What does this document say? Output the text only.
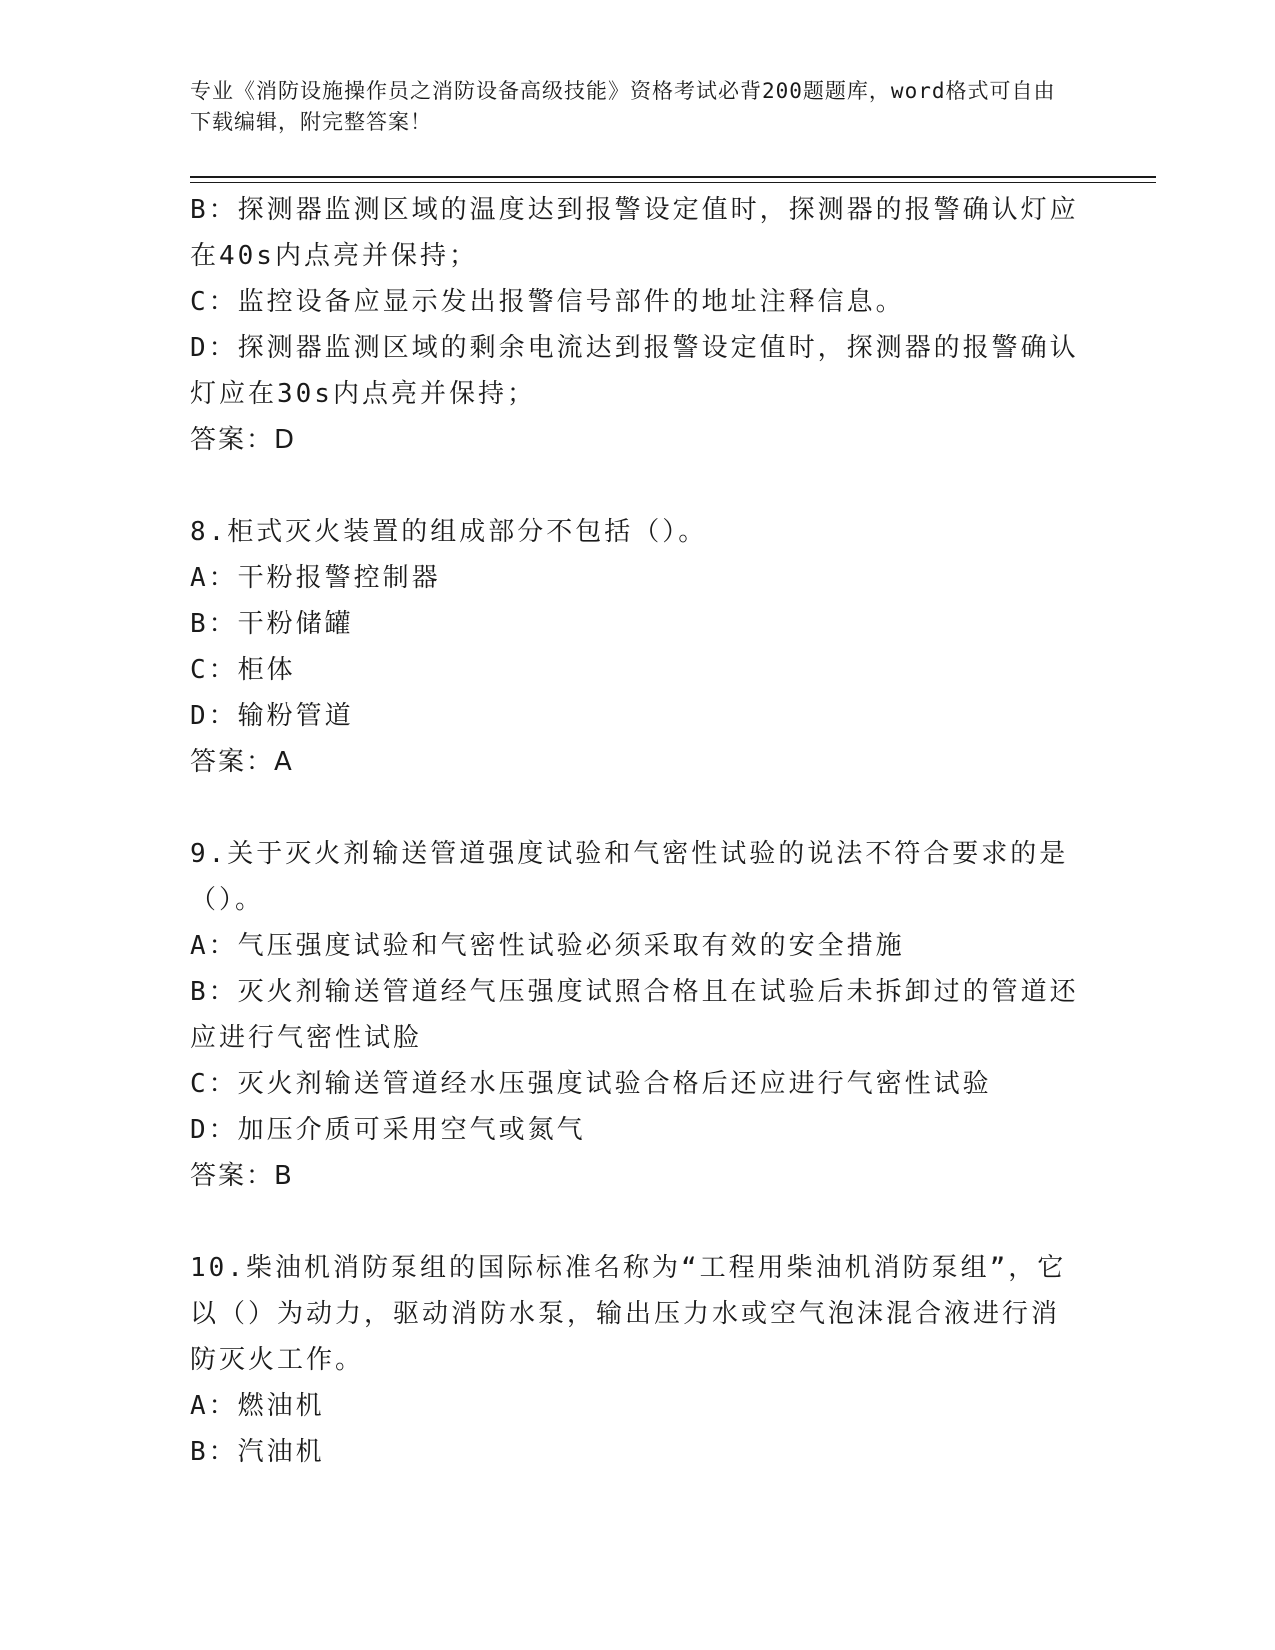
专业《消防设施操作员之消防设备高级技能》资格考试必背200题题库，word格式可自由下载编辑，附完整答案！
B：探测器监测区域的温度达到报警设定值时，探测器的报警确认灯应在40s内点亮并保持；
C：监控设备应显示发出报警信号部件的地址注释信息。
D：探测器监测区域的剩余电流达到报警设定值时，探测器的报警确认灯应在30s内点亮并保持；
答案：D
8.柜式灭火装置的组成部分不包括（）。
A：干粉报警控制器
B：干粉储罐
C：柜体
D：输粉管道
答案：A
9.关于灭火剂输送管道强度试验和气密性试验的说法不符合要求的是（）。
A：气压强度试验和气密性试验必须采取有效的安全措施
B：灭火剂输送管道经气压强度试照合格且在试验后未拆卸过的管道还应进行气密性试脸
C：灭火剂输送管道经水压强度试验合格后还应进行气密性试验
D：加压介质可采用空气或氮气
答案：B
10.柴油机消防泵组的国际标准名称为“工程用柴油机消防泵组”，它以（）为动力，驱动消防水泵，输出压力水或空气泡沫混合液进行消防灭火工作。
A：燃油机
B：汽油机
